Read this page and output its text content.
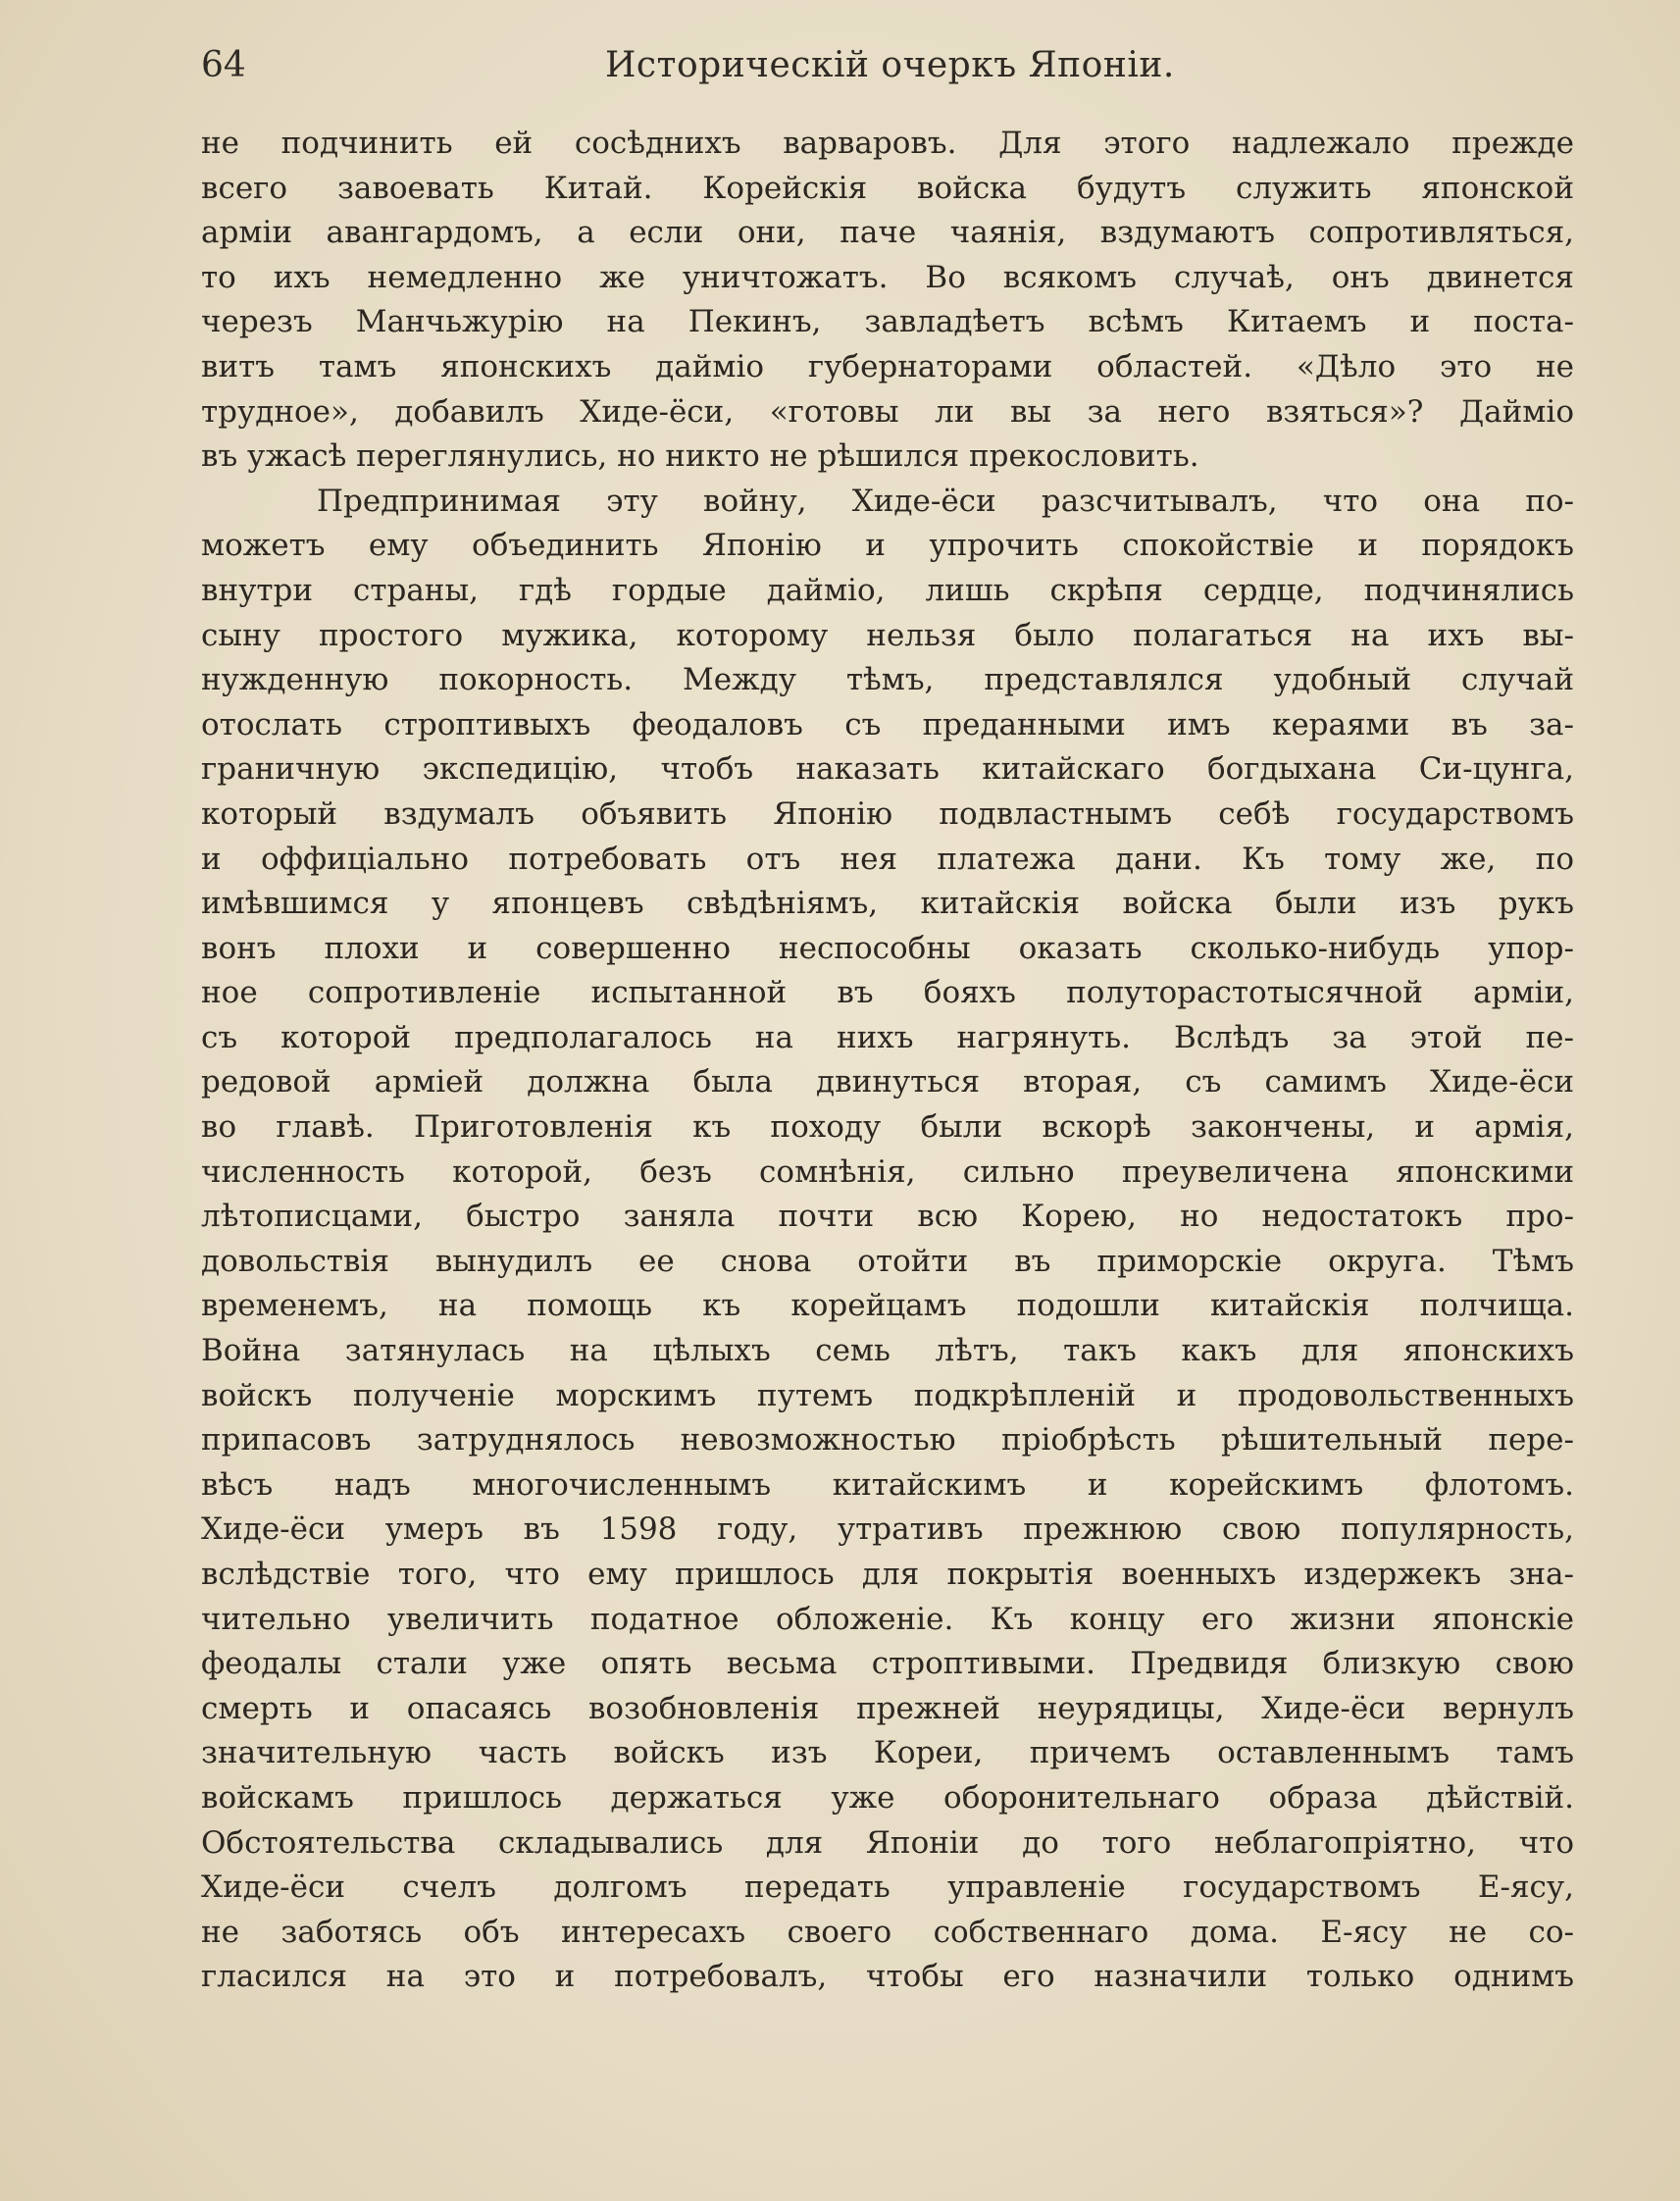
64	Историческій очеркъ Японіи.
не подчинить ей сосѣднихъ варваровъ. Для этого надлежало прежде
всего завоевать Китай. Корейскія войска будутъ служить японской
арміи авангардомъ, а если они, паче чаянія, вздумаютъ сопротивляться,
то ихъ немедленно же уничтожатъ. Во всякомъ случаѣ, онъ двинется
черезъ Манчьжурію на Пекинъ, завладѣетъ всѣмъ Китаемъ и поста-
витъ тамъ японскихъ дайміо губернаторами областей. «Дѣло это не
трудное», добавилъ Хиде-ёси, «готовы ли вы за него взяться»? Дайміо
въ ужасѣ переглянулись, но никто не рѣшился прекословить.
Предпринимая эту войну, Хиде-ёси разсчитывалъ, что она по-
можетъ ему объединить Японію и упрочить спокойствіе и порядокъ
внутри страны, гдѣ гордые дайміо, лишь скрѣпя сердце, подчинялись
сыну простого мужика, которому нельзя было полагаться на ихъ вы-
нужденную покорность. Между тѣмъ, представлялся удобный случай
отослать строптивыхъ феодаловъ съ преданными имъ кераями въ за-
граничную экспедицію, чтобъ наказать китайскаго богдыхана Си-цунга,
который вздумалъ объявить Японію подвластнымъ себѣ государствомъ
и оффиціально потребовать отъ нея платежа дани. Къ тому же, по
имѣвшимся у японцевъ свѣдѣніямъ, китайскія войска были изъ рукъ
вонъ плохи и совершенно неспособны оказать сколько-нибудь упор-
ное сопротивленіе испытанной въ бояхъ полуторастотысячной арміи,
съ которой предполагалось на нихъ нагрянуть. Вслѣдъ за этой пе-
редовой арміей должна была двинуться вторая, съ самимъ Хиде-ёси
во главѣ. Приготовленія къ походу были вскорѣ закончены, и армія,
численность которой, безъ сомнѣнія, сильно преувеличена японскими
лѣтописцами, быстро заняла почти всю Корею, но недостатокъ про-
довольствія вынудилъ ее снова отойти въ приморскіе округа. Тѣмъ
временемъ, на помощь къ корейцамъ подошли китайскія полчища.
Война затянулась на цѣлыхъ семь лѣтъ, такъ какъ для японскихъ
войскъ полученіе морскимъ путемъ подкрѣпленій и продовольственныхъ
припасовъ затруднялось невозможностью пріобрѣсть рѣшительный пере-
вѣсъ надъ многочисленнымъ китайскимъ и корейскимъ флотомъ.
Хиде-ёси умеръ въ 1598 году, утративъ прежнюю свою популярность,
вслѣдствіе того, что ему пришлось для покрытія военныхъ издержекъ зна-
чительно увеличить податное обложеніе. Къ концу его жизни японскіе
феодалы стали уже опять весьма строптивыми. Предвидя близкую свою
смерть и опасаясь возобновленія прежней неурядицы, Хиде-ёси вернулъ
значительную часть войскъ изъ Кореи, причемъ оставленнымъ тамъ
войскамъ пришлось держаться уже оборонительнаго образа дѣйствій.
Обстоятельства складывались для Японіи до того неблагопріятно, что
Хиде-ёси счелъ долгомъ передать управленіе государствомъ Е-ясу,
не заботясь объ интересахъ своего собственнаго дома. Е-ясу не со-
гласился на это и потребовалъ, чтобы его назначили только однимъ
